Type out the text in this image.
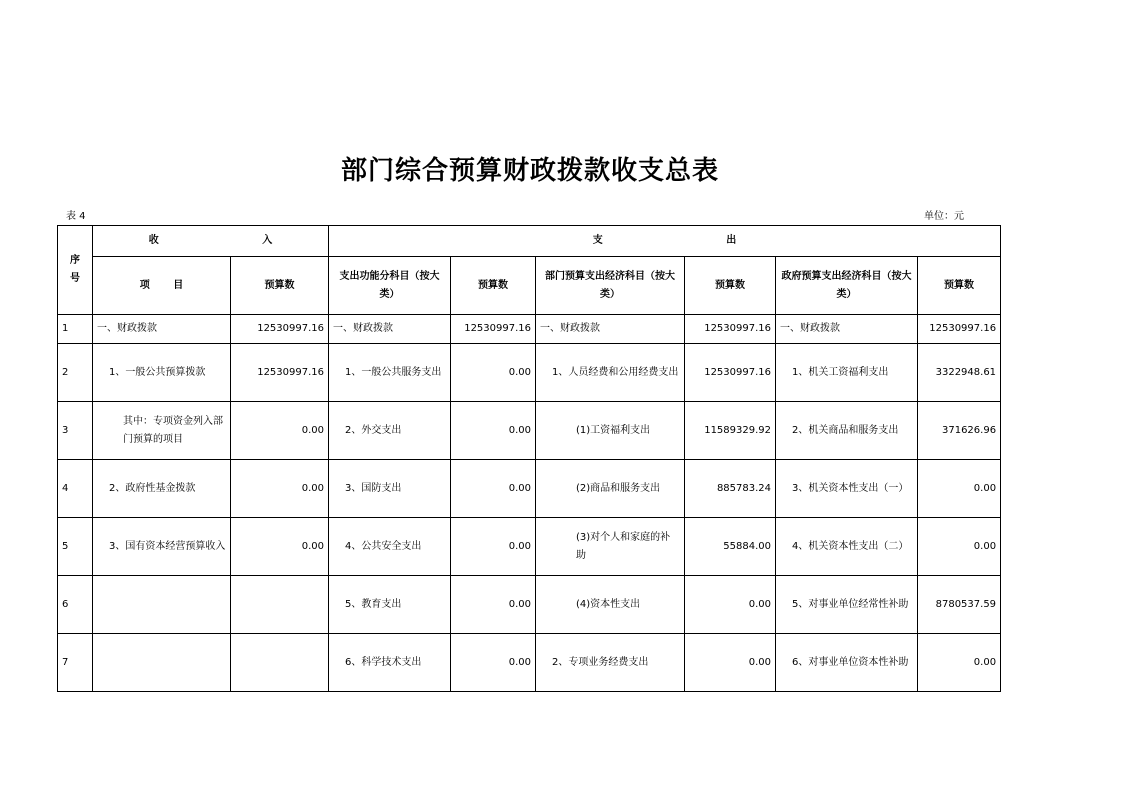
部门综合预算财政拨款收支总表
表 4	单位：元
序号	收 入		支 出					
	项 目	预算数	支出功能分科目（按大类）	预算数	部门预算支出经济科目（按大类）	预算数	政府预算支出经济科目（按大类）	预算数
1	一、财政拨款	12530997.16	一、财政拨款	12530997.16	一、财政拨款	12530997.16	一、财政拨款	12530997.16
2	1、一般公共预算拨款	12530997.16	1、一般公共服务支出	0.00	1、人员经费和公用经费支出	12530997.16	1、机关工资福利支出	3322948.61
3	其中：专项资金列入部门预算的项目	0.00	2、外交支出	0.00	(1)工资福利支出	11589329.92	2、机关商品和服务支出	371626.96
4	2、政府性基金拨款	0.00	3、国防支出	0.00	(2)商品和服务支出	885783.24	3、机关资本性支出（一）	0.00
5	3、国有资本经营预算收入	0.00	4、公共安全支出	0.00	(3)对个人和家庭的补助	55884.00	4、机关资本性支出（二）	0.00
6			5、教育支出	0.00	(4)资本性支出	0.00	5、对事业单位经常性补助	8780537.59
7			6、科学技术支出	0.00	2、专项业务经费支出	0.00	6、对事业单位资本性补助	0.00
